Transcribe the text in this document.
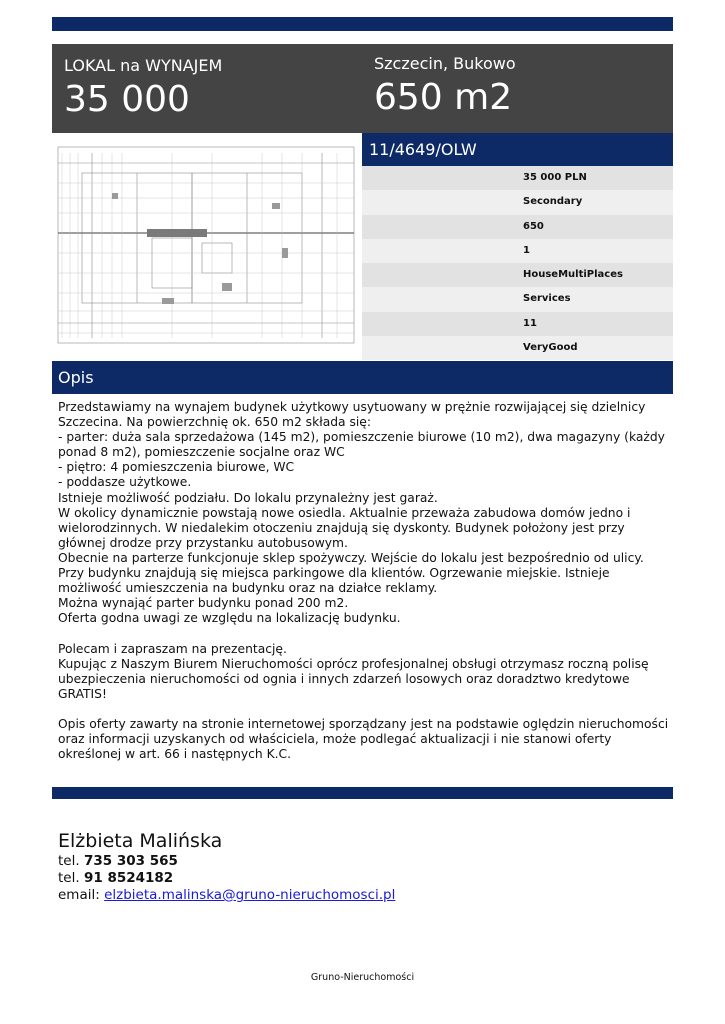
LOKAL na WYNAJEM
35 000
Szczecin, Bukowo
650 m2
11/4649/OLW
35 000 PLN
Secondary
650
1
HouseMultiPlaces
Services
11
VeryGood
Opis
Przedstawiamy na wynajem budynek użytkowy usytuowany w prężnie rozwijającej się dzielnicy Szczecina. Na powierzchnię ok. 650 m2 składa się:
- parter: duża sala sprzedażowa (145 m2), pomieszczenie biurowe (10 m2), dwa magazyny (każdy ponad 8 m2), pomieszczenie socjalne oraz WC
- piętro: 4 pomieszczenia biurowe, WC
- poddasze użytkowe.
Istnieje możliwość podziału. Do lokalu przynależny jest garaż.
W okolicy dynamicznie powstają nowe osiedla. Aktualnie przeważa zabudowa domów jedno i wielorodzinnych. W niedalekim otoczeniu znajdują się dyskonty. Budynek położony jest przy głównej drodze przy przystanku autobusowym.
Obecnie na parterze funkcjonuje sklep spożywczy. Wejście do lokalu jest bezpośrednio od ulicy. Przy budynku znajdują się miejsca parkingowe dla klientów. Ogrzewanie miejskie. Istnieje możliwość umieszczenia na budynku oraz na działce reklamy.
Można wynająć parter budynku ponad 200 m2.
Oferta godna uwagi ze względu na lokalizację budynku.

Polecam i zapraszam na prezentację.
Kupując z Naszym Biurem Nieruchomości oprócz profesjonalnej obsługi otrzymasz roczną polisę ubezpieczenia nieruchomości od ognia i innych zdarzeń losowych oraz doradztwo kredytowe GRATIS!

Opis oferty zawarty na stronie internetowej sporządzany jest na podstawie oględzin nieruchomości oraz informacji uzyskanych od właściciela, może podlegać aktualizacji i nie stanowi oferty określonej w art. 66 i następnych K.C.
Elżbieta Malińska
tel. 735 303 565
tel. 91 8524182
email: elzbieta.malinska@gruno-nieruchomosci.pl
Gruno-Nieruchomości
